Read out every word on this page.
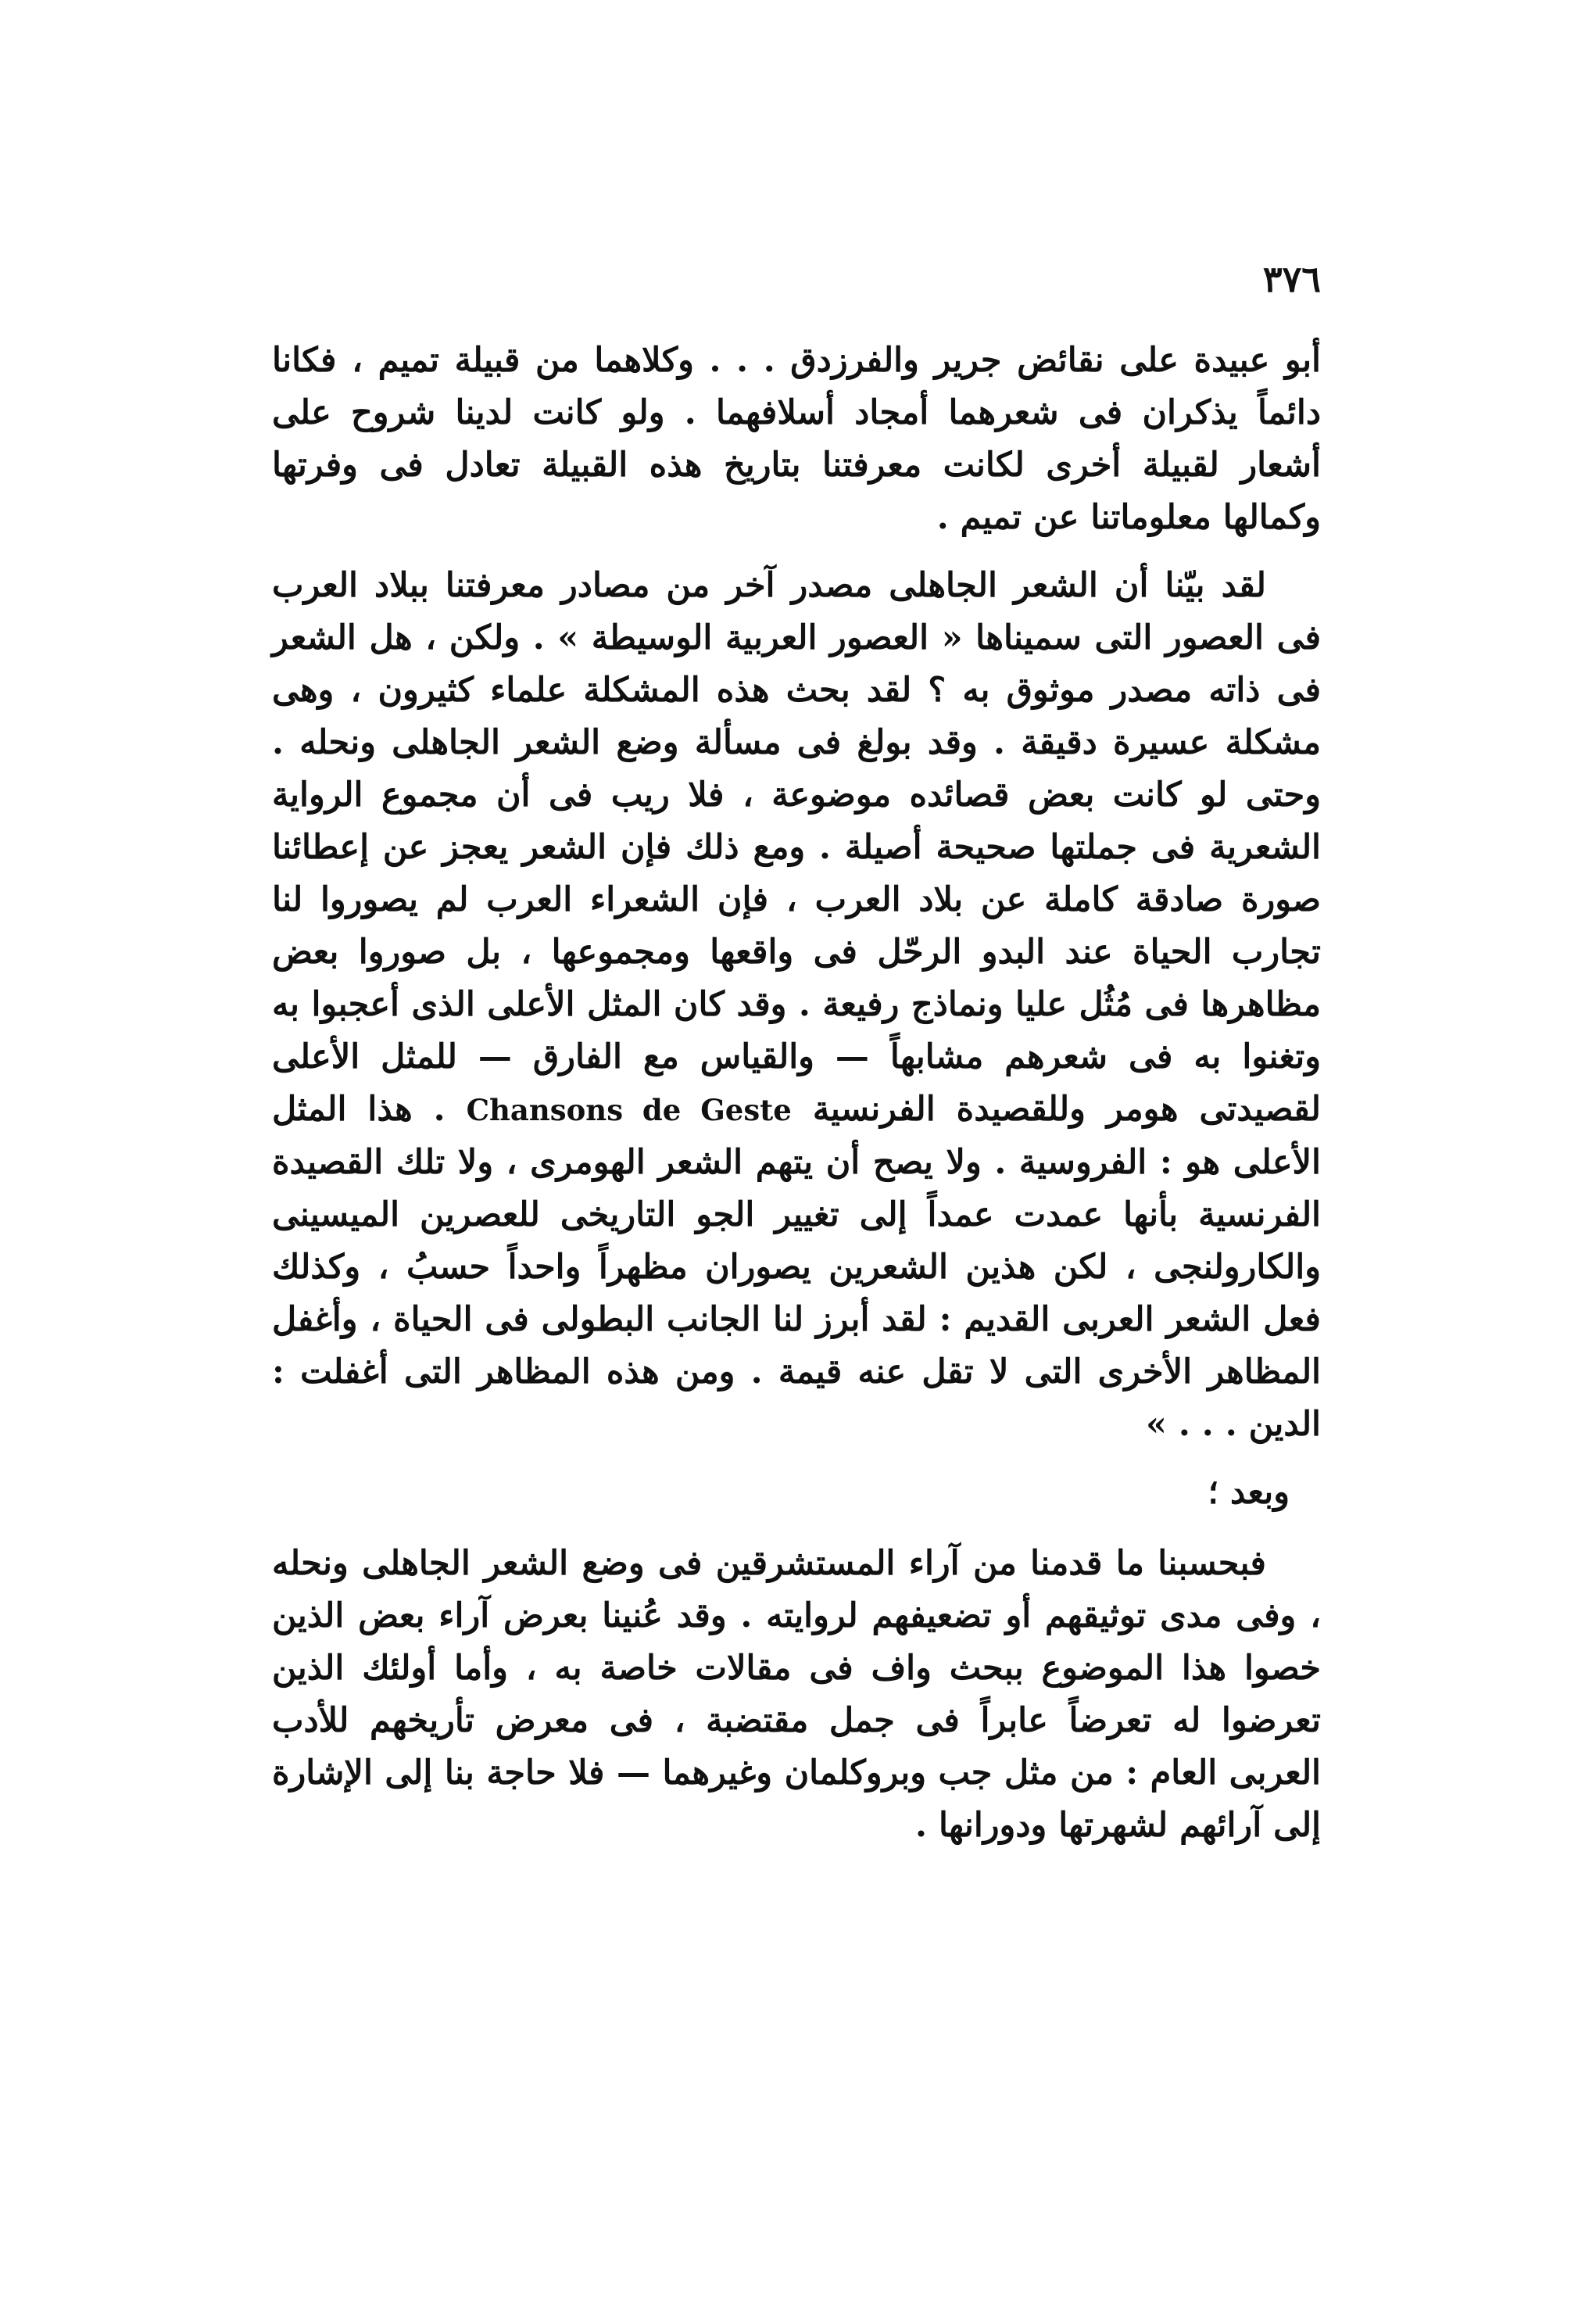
٣٧٦

أبو عبيدة على نقائض جرير والفرزدق . . . وكلاهما من قبيلة تميم ، فكانا دائماً يذكران فى شعرهما أمجاد أسلافهما . ولو كانت لدينا شروح على أشعار لقبيلة أخرى لكانت معرفتنا بتاريخ هذه القبيلة تعادل فى وفرتها وكمالها معلوماتنا عن تميم .

لقد بيّنا أن الشعر الجاهلى مصدر آخر من مصادر معرفتنا ببلاد العرب فى العصور التى سميناها « العصور العربية الوسيطة » . ولكن ، هل الشعر فى ذاته مصدر موثوق به ؟ لقد بحث هذه المشكلة علماء كثيرون ، وهى مشكلة عسيرة دقيقة . وقد بولغ فى مسألة وضع الشعر الجاهلى ونحله . وحتى لو كانت بعض قصائده موضوعة ، فلا ريب فى أن مجموع الرواية الشعرية فى جملتها صحيحة أصيلة . ومع ذلك فإن الشعر يعجز عن إعطائنا صورة صادقة كاملة عن بلاد العرب ، فإن الشعراء العرب لم يصوروا لنا تجارب الحياة عند البدو الرحّل فى واقعها ومجموعها ، بل صوروا بعض مظاهرها فى مُثُل عليا ونماذج رفيعة . وقد كان المثل الأعلى الذى أعجبوا به وتغنوا به فى شعرهم مشابهاً — والقياس مع الفارق — للمثل الأعلى لقصيدتى هومر وللقصيدة الفرنسية Chansons de Geste . هذا المثل الأعلى هو : الفروسية . ولا يصح أن يتهم الشعر الهومرى ، ولا تلك القصيدة الفرنسية بأنها عمدت عمداً إلى تغيير الجو التاريخى للعصرين الميسينى والكارولنجى ، لكن هذين الشعرين يصوران مظهراً واحداً حسبُ ، وكذلك فعل الشعر العربى القديم : لقد أبرز لنا الجانب البطولى فى الحياة ، وأغفل المظاهر الأخرى التى لا تقل عنه قيمة . ومن هذه المظاهر التى أغفلت : الدين . . . »

وبعد ؛

فبحسبنا ما قدمنا من آراء المستشرقين فى وضع الشعر الجاهلى ونحله ، وفى مدى توثيقهم أو تضعيفهم لروايته . وقد عُنينا بعرض آراء بعض الذين خصوا هذا الموضوع ببحث واف فى مقالات خاصة به ، وأما أولئك الذين تعرضوا له تعرضاً عابراً فى جمل مقتضبة ، فى معرض تأريخهم للأدب العربى العام : من مثل جب وبروكلمان وغيرهما — فلا حاجة بنا إلى الإشارة إلى آرائهم لشهرتها ودورانها .
